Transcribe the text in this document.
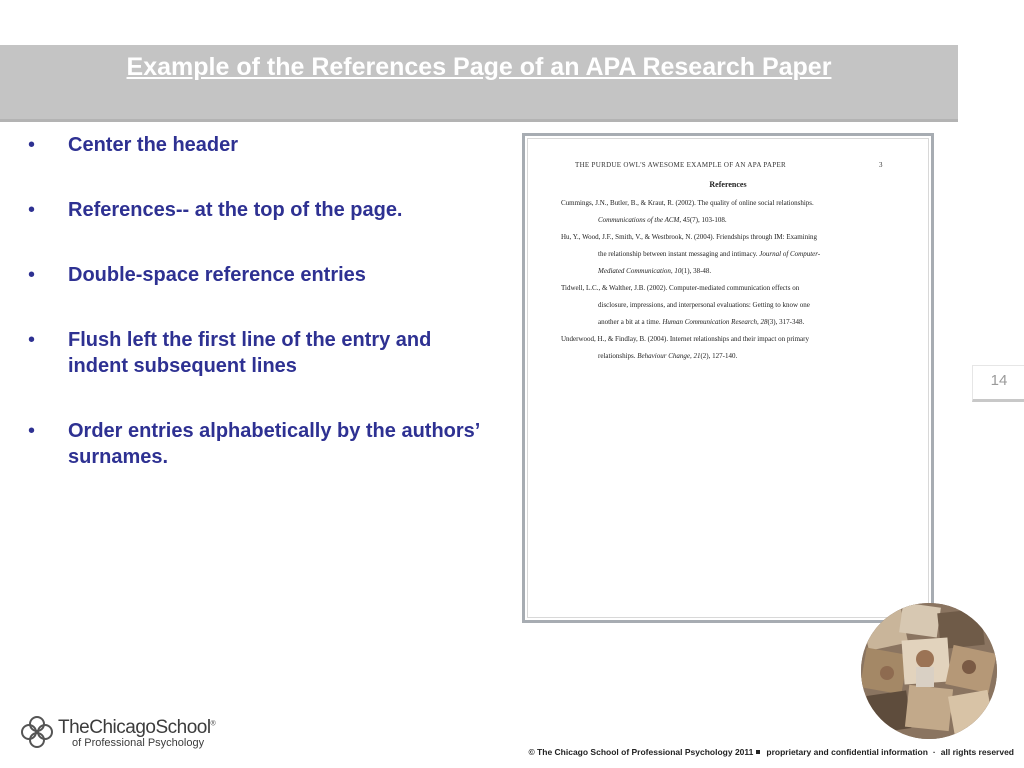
Example of the References Page of an APA Research Paper
• Center the header
• References-- at the top of the page.
• Double-space reference entries
• Flush left the first line of the entry and indent subsequent lines
• Order entries alphabetically by the authors’ surnames.
THE PURDUE OWL'S AWESOME EXAMPLE OF AN APA PAPER	3
References
Cummings, J.N., Butler, B., & Kraut, R. (2002). The quality of online social relationships.
Communications of the ACM, 45(7), 103-108.
Hu, Y., Wood, J.F., Smith, V., & Westbrook, N. (2004). Friendships through IM: Examining
the relationship between instant messaging and intimacy. Journal of Computer-
Mediated Communication, 10(1), 38-48.
Tidwell, L.C., & Walther, J.B. (2002). Computer-mediated communication effects on
disclosure, impressions, and interpersonal evaluations: Getting to know one
another a bit at a time. Human Communication Research, 28(3), 317-348.
Underwood, H., & Findlay, B. (2004). Internet relationships and their impact on primary
relationships. Behaviour Change, 21(2), 127-140.
14
TheChicagoSchool®
of Professional Psychology
© The Chicago School of Professional Psychology 2011 proprietary and confidential information · all rights reserved
